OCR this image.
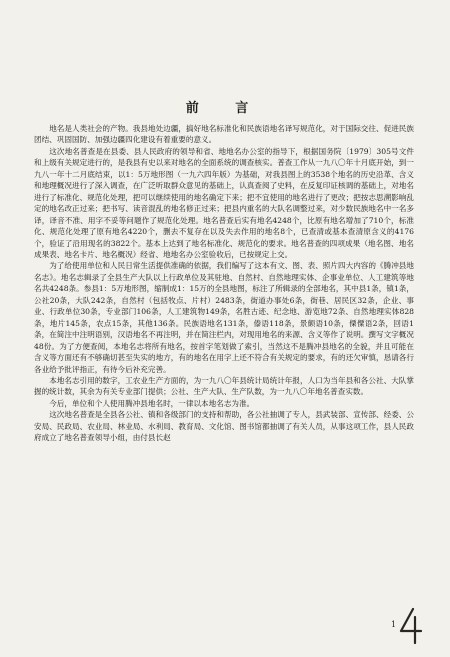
前 言

地名是人类社会的产物。我县地处边疆，搞好地名标准化和民族语地名译写规范化，对于国际交往、促进民族团结、巩固国防、加强边疆四化建设有着重要的意义。

这次地名普查是在县委、县人民政府的领导和省、地地名办公室的指导下，根据国务院〔1979〕305号文件和上级有关规定进行的，是我县有史以来对地名的全面系统的调查核实。普查工作从一九八〇年十月底开始，到一九八一年十二月底结束，以1：5万地形图（一九六四年版）为基础，对我县图上的3538个地名的历史沿革、含义和地理概况进行了深入调查，在广泛听取群众意见的基础上，认真查阅了史料，在反复印证核调的基础上，对地名进行了标准化、规范化处理，把可以继续使用的地名确定下来；把不宜使用的地名进行了更改；把按志思溯影响乱定的地名改正过来；把书写、读音混乱的地名修正过来；把县内重名的大队名调整过来，对少数民族地名中一名多译，译音不准、用字不妥等问题作了规范化处理。地名普查后实有地名4248个，比原有地名增加了710个，标准化、规范化处理了原有地名4220个，删去不复存在以及失去作用的地名8个，已查清或基本查清原含义的4176个，验证了沿用现名的3822个。基本上达到了地名标准化、规范化的要求。地名普查的四项成果（地名图、地名成果表、地名卡片、地名概况）经省、地地名办公室验收后，已按规定上交。

为了给使用单位和人民日常生活提供准确的依据，我们编写了这本有文、图、表、照片四大内容的《腾冲县地名志》。地名志辑录了全县生产大队以上行政单位及其驻地、自然村、自然地理实体、企事业单位、人工建筑等地名共4248条。参县1：5万地形图，缩制成1：15万的全县地图，标注了所辑录的全部地名，其中县1条，镇1条，公社20条，大队242条，自然村（包括牧点、片村）2483条，街道办事处6条，街巷、居民区32条，企业、事业、行政单位30条，专业部门106条，人工建筑物149条，名胜古迹、纪念地、游览地72条、自然地理实体828条，地片145条，农点15条，其他136条。民族语地名131条，傣语118条，景颇语10条，傈僳语2条，回语1条，在简注中注明语别，汉语地名不再注明，并在简注栏内，对现用地名的来源、含义等作了说明。撰写文字概况48份。为了方便查阅，本地名志将所有地名，按首字笔划做了索引，当然这不是腾冲县地名的全貌，并且可能在含义等方面还有不够确切甚至失实的地方，有的地名在用字上还不符合有关规定的要求，有的还欠审慎，恳请各行各业给予批评指正，有待今后补充完善。

本地名志引用的数字，工农业生产方面的，为一九八〇年县统计局统计年报，人口为当年县和各公社、大队掌握的统计数，其余为有关专业部门提供；公社、生产大队、生产队数，为一九八〇年地名普查实数。

今后，单位和个人使用腾冲县地名时，一律以本地名志为准。

这次地名普查是全县各公社、镇和各级部门的支持和帮助，各公社抽调了专人，县武装部、宣传部、经委、公安局、民政局、农业局、林业局、水利局、教育局、文化馆、图书馆都抽调了有关人员，从事这项工作，县人民政府成立了地名普查领导小组，由付县长赵

1
